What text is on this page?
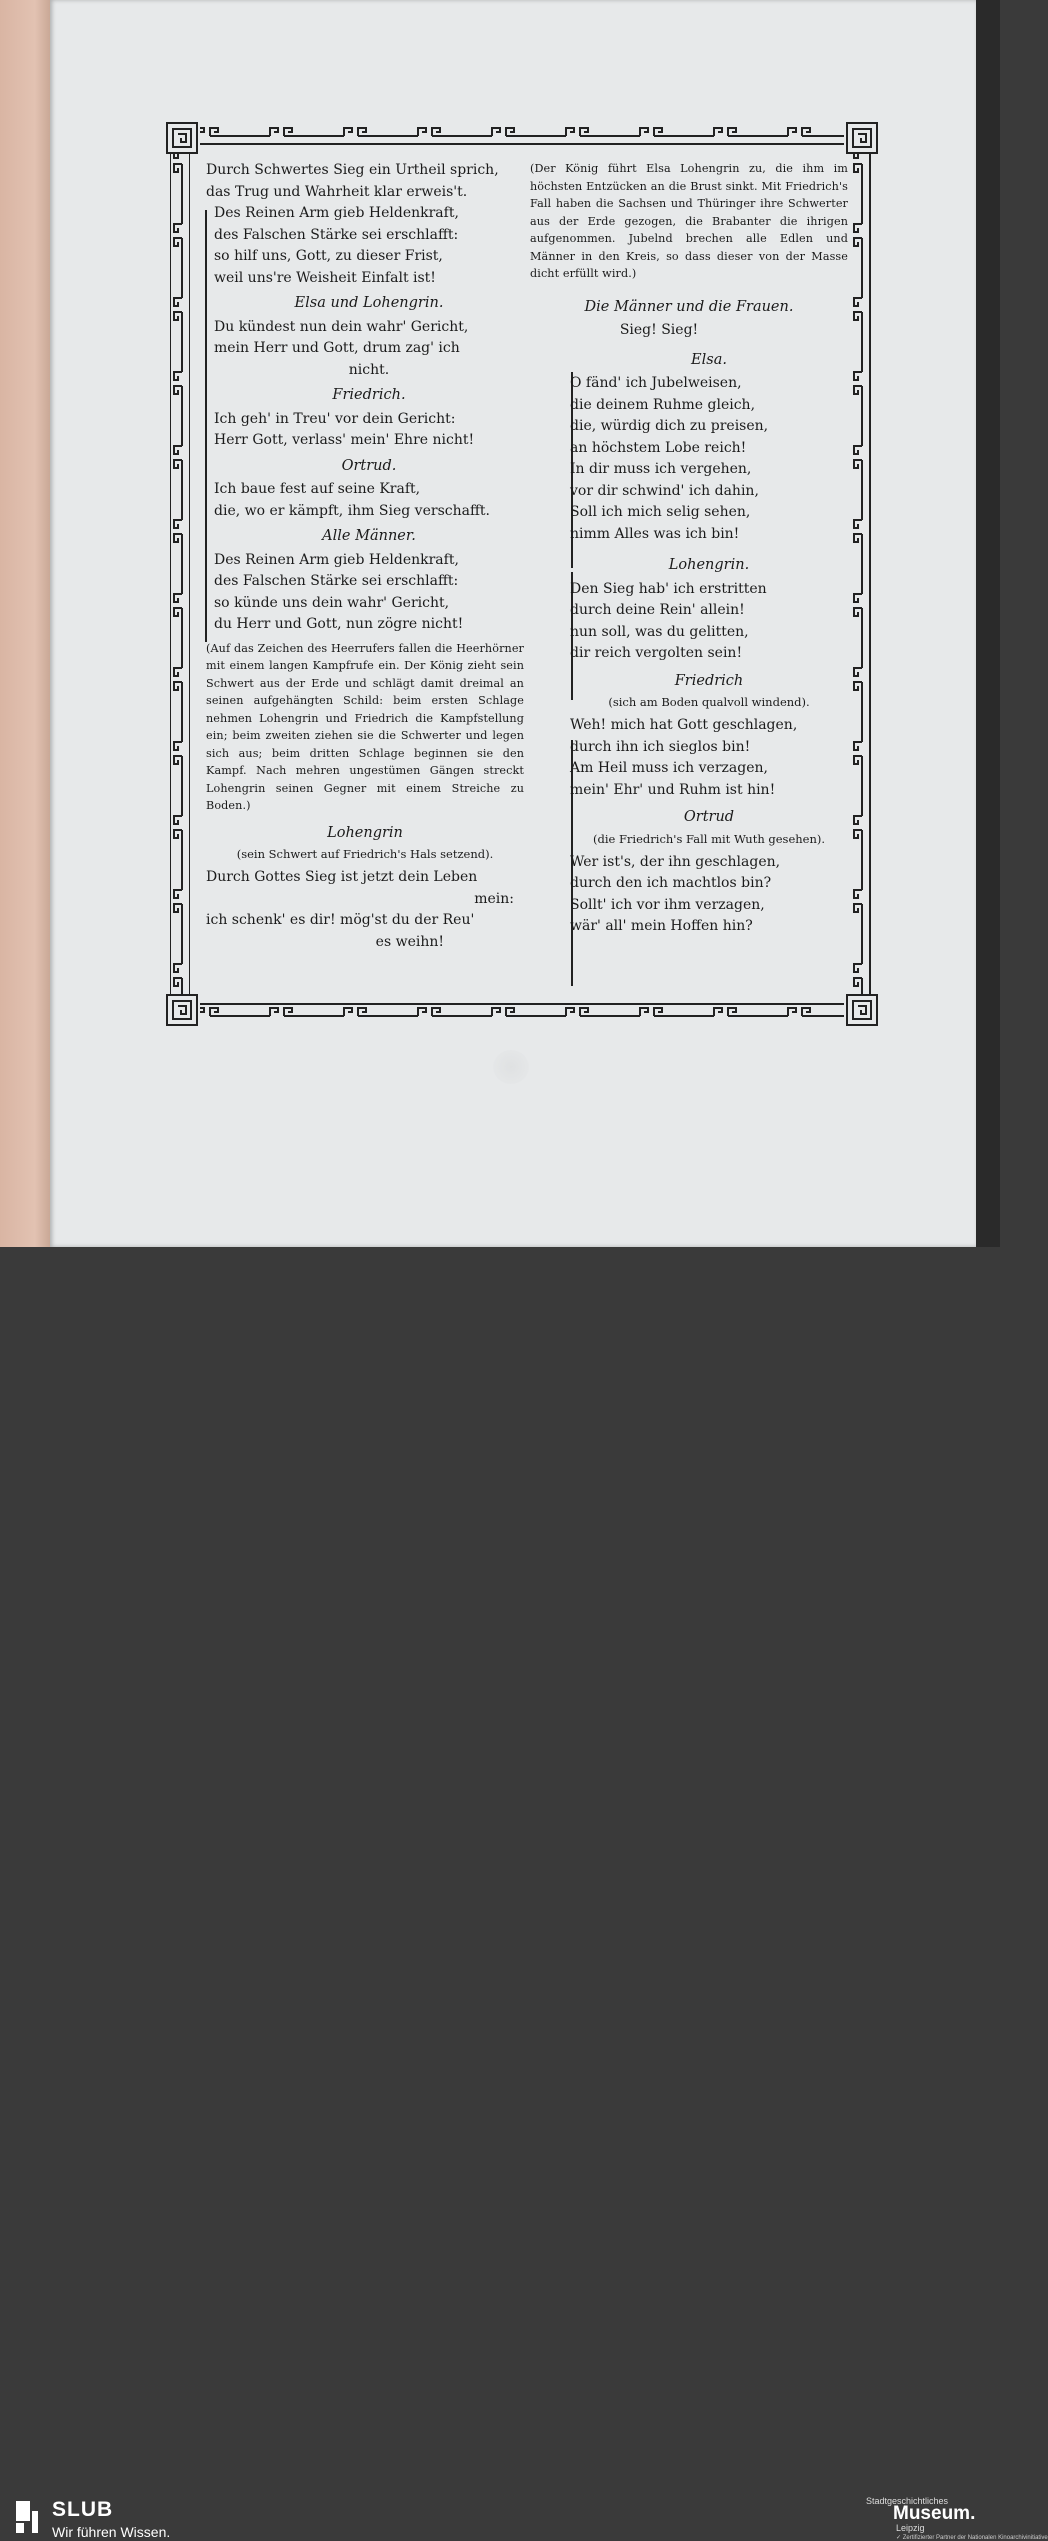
Durch Schwertes Sieg ein Urtheil sprich,
das Trug und Wahrheit klar erweis't.
Des Reinen Arm gieb Heldenkraft,
des Falschen Stärke sei erschlafft:
so hilf uns, Gott, zu dieser Frist,
weil uns're Weisheit Einfalt ist!
Elsa und Lohengrin.
Du kündest nun dein wahr' Gericht,
mein Herr und Gott, drum zag' ich
nicht.
Friedrich.
Ich geh' in Treu' vor dein Gericht:
Herr Gott, verlass' mein' Ehre nicht!
Ortrud.
Ich baue fest auf seine Kraft,
die, wo er kämpft, ihm Sieg verschafft.
Alle Männer.
Des Reinen Arm gieb Heldenkraft,
des Falschen Stärke sei erschlafft:
so künde uns dein wahr' Gericht,
du Herr und Gott, nun zögre nicht!
(Auf das Zeichen des Heerrufers fallen die Heerhörner mit einem langen Kampfrufe ein. Der König zieht sein Schwert aus der Erde und schlägt damit dreimal an seinen aufgehängten Schild: beim ersten Schlage nehmen Lohengrin und Friedrich die Kampfstellung ein; beim zweiten ziehen sie die Schwerter und legen sich aus; beim dritten Schlage beginnen sie den Kampf. Nach mehren ungestümen Gängen streckt Lohengrin seinen Gegner mit einem Streiche zu Boden.)
Lohengrin
(sein Schwert auf Friedrich's Hals setzend).
Durch Gottes Sieg ist jetzt dein Leben
mein:
ich schenk' es dir! mög'st du der Reu'
es weihn!
(Der König führt Elsa Lohengrin zu, die ihm im höchsten Entzücken an die Brust sinkt. Mit Friedrich's Fall haben die Sachsen und Thüringer ihre Schwerter aus der Erde gezogen, die Brabanter die ihrigen aufgenommen. Jubelnd brechen alle Edlen und Männer in den Kreis, so dass dieser von der Masse dicht erfüllt wird.)
Die Männer und die Frauen.
Sieg! Sieg!
Elsa.
O fänd' ich Jubelweisen,
die deinem Ruhme gleich,
die, würdig dich zu preisen,
an höchstem Lobe reich!
In dir muss ich vergehen,
vor dir schwind' ich dahin,
Soll ich mich selig sehen,
nimm Alles was ich bin!
Lohengrin.
Den Sieg hab' ich erstritten
durch deine Rein' allein!
nun soll, was du gelitten,
dir reich vergolten sein!
Friedrich
(sich am Boden qualvoll windend).
Weh! mich hat Gott geschlagen,
durch ihn ich sieglos bin!
Am Heil muss ich verzagen,
mein' Ehr' und Ruhm ist hin!
Ortrud
(die Friedrich's Fall mit Wuth gesehen).
Wer ist's, der ihn geschlagen,
durch den ich machtlos bin?
Sollt' ich vor ihm verzagen,
wär' all' mein Hoffen hin?
SLUB
Wir führen Wissen.
Stadtgeschichtliches
Museum.
Leipzig
✓ Zertifizierter Partner der Nationalen Kinoarchivinitiative
